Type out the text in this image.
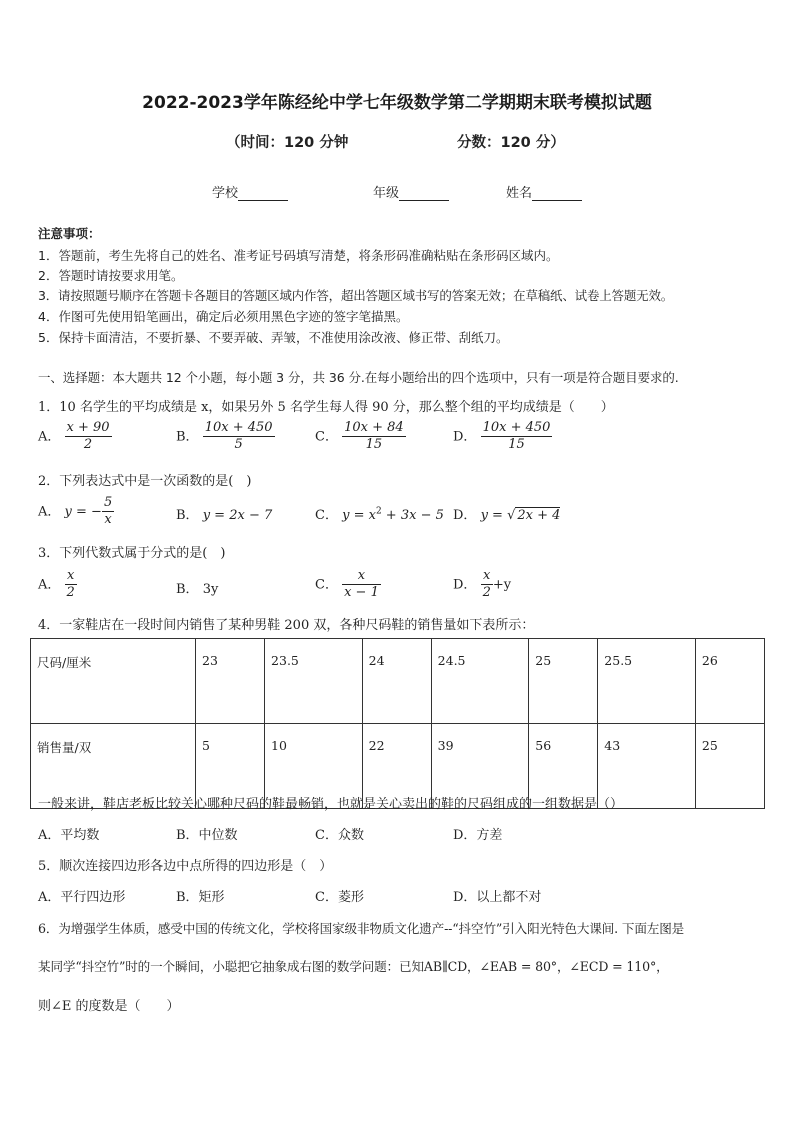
2022-2023学年陈经纶中学七年级数学第二学期期末联考模拟试题
（时间：120 分钟	分数：120 分）
学校	年级	姓名
注意事项：
1．答题前，考生先将自己的姓名、准考证号码填写清楚，将条形码准确粘贴在条形码区域内。
2．答题时请按要求用笔。
3．请按照题号顺序在答题卡各题目的答题区域内作答，超出答题区域书写的答案无效；在草稿纸、试卷上答题无效。
4．作图可先使用铅笔画出，确定后必须用黑色字迹的签字笔描黑。
5．保持卡面清洁，不要折暴、不要弄破、弄皱，不准使用涂改液、修正带、刮纸刀。
一、选择题：本大题共 12 个小题，每小题 3 分，共 36 分.在每小题给出的四个选项中，只有一项是符合题目要求的.
1．10 名学生的平均成绩是 x，如果另外 5 名学生每人得 90 分，那么整个组的平均成绩是（　　）
A． $\frac{x + 90}{2}$	B． $\frac{10x + 450}{5}$	C． $\frac{10x + 84}{15}$	D． $\frac{10x + 450}{15}$
2．下列表达式中是一次函数的是(　)
A． y = − $\frac{5}{x}$	B． y = 2x − 7	C． $y = x^2 + 3x - 5$ D． y = √ 2x + 4
3．下列代数式属于分式的是(　)
A． $\frac{x}{2}$	B． 3y	C． $\frac{x}{x - 1}$	D． $\frac{x}{2} +y$
4．一家鞋店在一段时间内销售了某种男鞋 200 双，各种尺码鞋的销售量如下表所示：
尺码/厘米	23	23.5	24	24.5	25	25.5	26
销售量/双	5	10	22	39	56	43	25
一般来讲，鞋店老板比较关心哪种尺码的鞋最畅销，也就是关心卖出的鞋的尺码组成的一组数据是（）
A．平均数	B．中位数	C．众数	D．方差
5．顺次连接四边形各边中点所得的四边形是（　）
A．平行四边形	B．矩形	C．菱形	D．以上都不对
6．为增强学生体质，感受中国的传统文化，学校将国家级非物质文化遗产--“抖空竹”引入阳光特色大课间. 下面左图是
某同学“抖空竹”时的一个瞬间，小聪把它抽象成右图的数学问题：已知AB∥CD，∠EAB = 80°，∠ECD = 110°，
则∠E 的度数是（　　）
